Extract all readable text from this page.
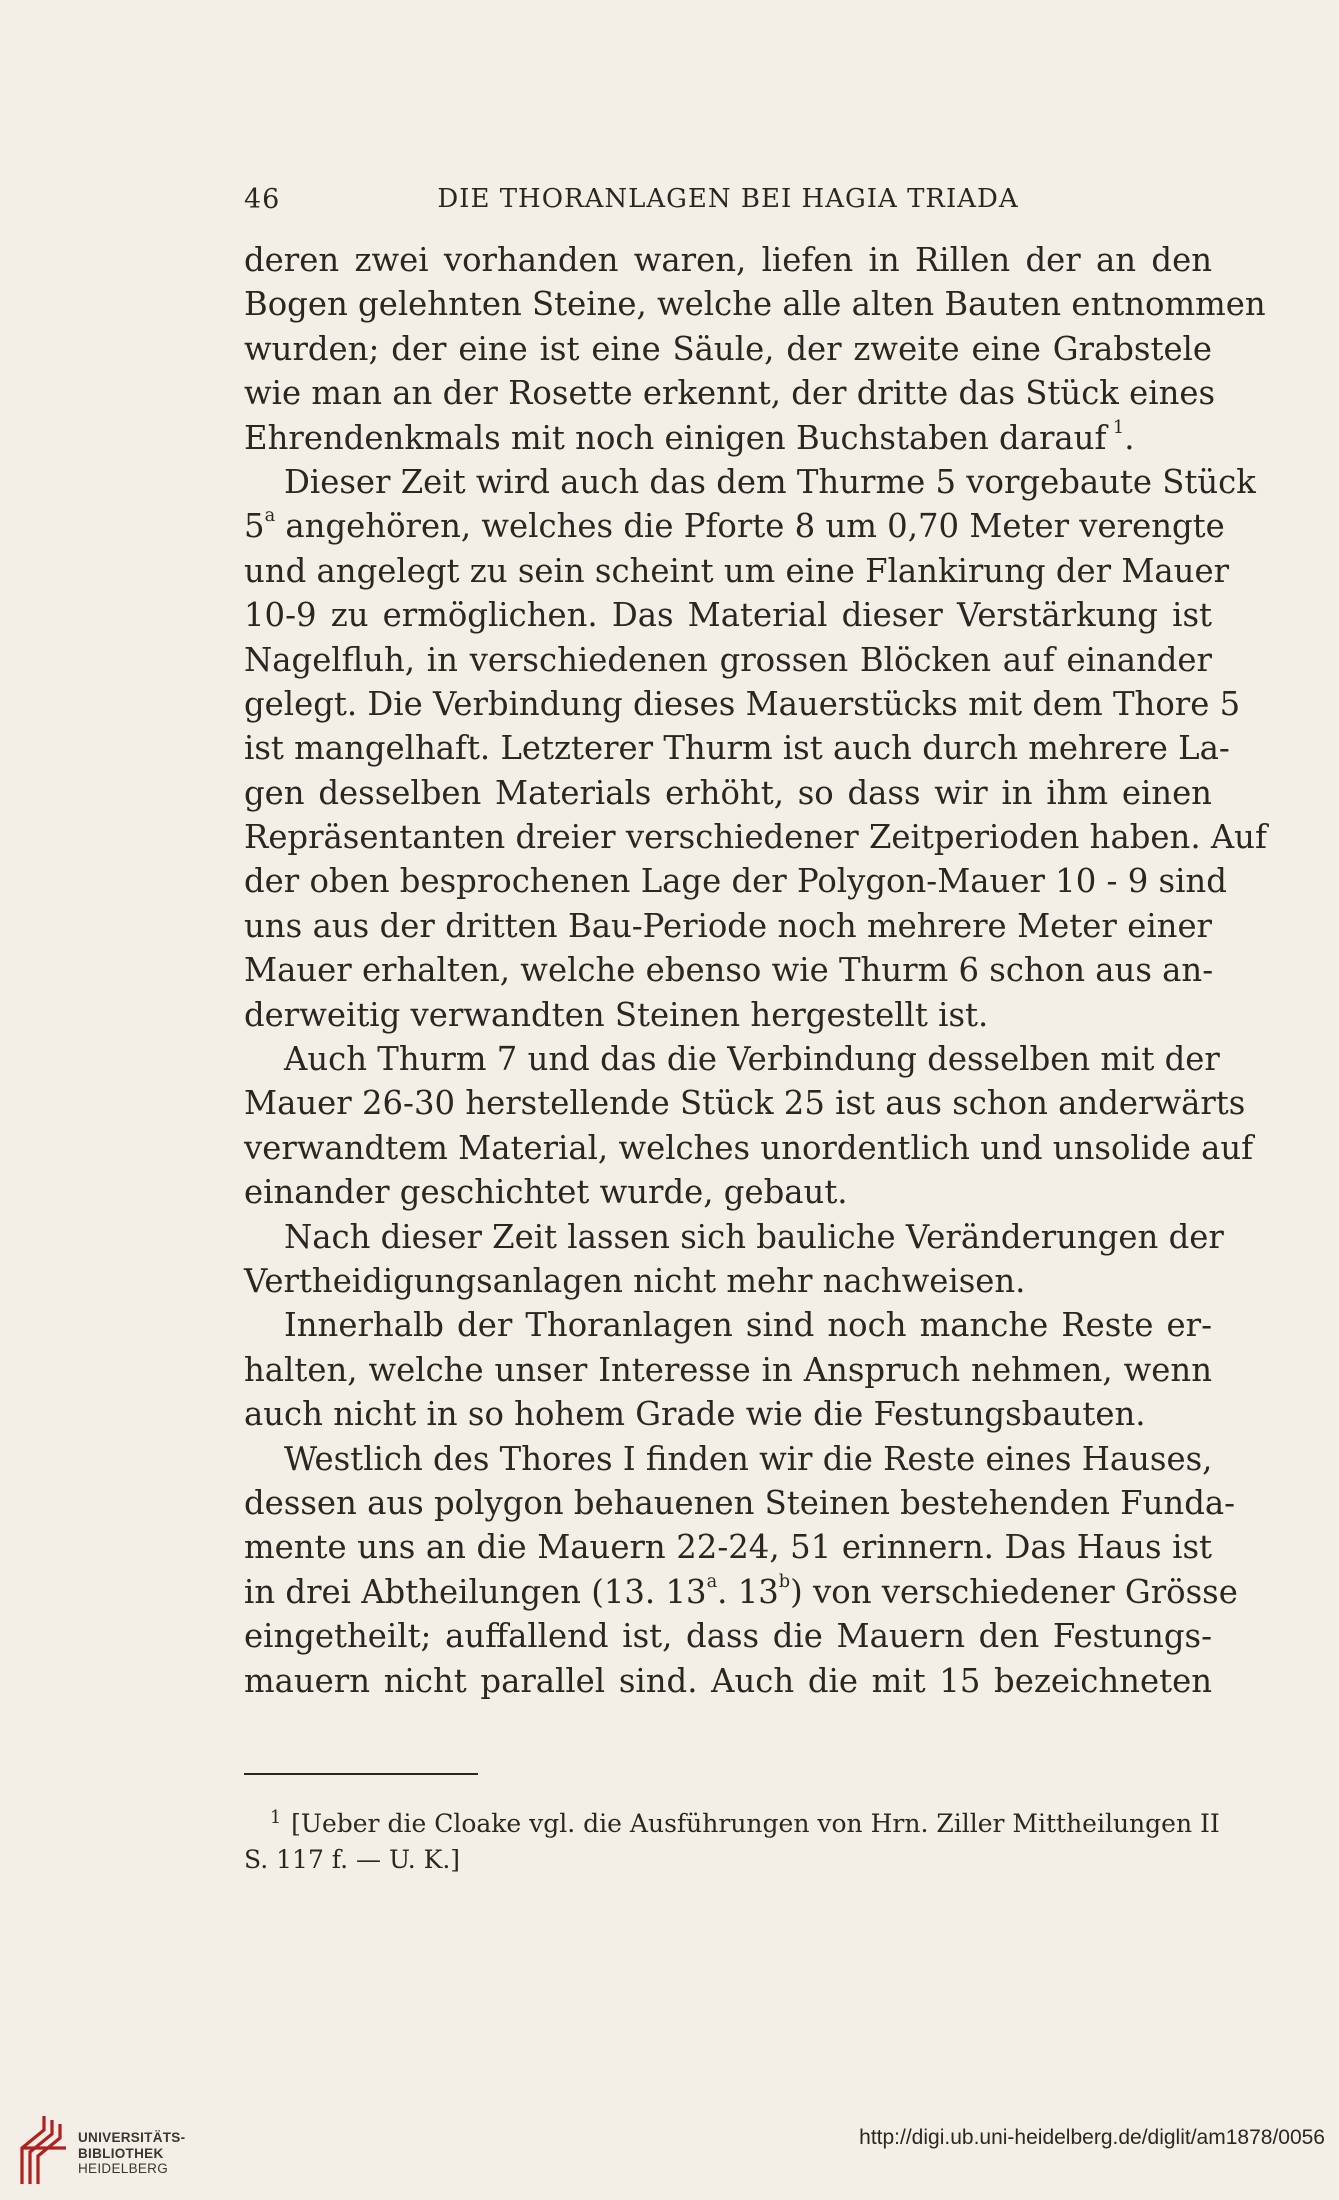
46	DIE THORANLAGEN BEI HAGIA TRIADA
deren zwei vorhanden waren, liefen in Rillen der an den
Bogen gelehnten Steine, welche alle alten Bauten entnommen
wurden; der eine ist eine Säule, der zweite eine Grabstele
wie man an der Rosette erkennt, der dritte das Stück eines
Ehrendenkmals mit noch einigen Buchstaben darauf  $^1$.
Dieser Zeit wird auch das dem Thurme 5 vorgebaute Stück
5$^a$ angehören, welches die Pforte 8 um 0,70 Meter verengte
und angelegt zu sein scheint um eine Flankirung der Mauer
10-9 zu ermöglichen. Das Material dieser Verstärkung ist
Nagelfluh, in verschiedenen grossen Blöcken auf einander
gelegt. Die Verbindung dieses Mauerstücks mit dem Thore 5
ist mangelhaft. Letzterer Thurm ist auch durch mehrere La-
gen desselben Materials erhöht, so dass wir in ihm einen
Repräsentanten dreier verschiedener Zeitperioden haben. Auf
der oben besprochenen Lage der Polygon-Mauer 10 - 9 sind
uns aus der dritten Bau-Periode noch mehrere Meter einer
Mauer erhalten, welche ebenso wie Thurm 6 schon aus an-
derweitig verwandten Steinen hergestellt ist.
Auch Thurm 7 und das die Verbindung desselben mit der
Mauer 26-30 herstellende Stück 25 ist aus schon anderwärts
verwandtem Material, welches unordentlich und unsolide auf
einander geschichtet wurde, gebaut.
Nach dieser Zeit lassen sich bauliche Veränderungen der
Vertheidigungsanlagen nicht mehr nachweisen.
Innerhalb der Thoranlagen sind noch manche Reste er-
halten, welche unser Interesse in Anspruch nehmen, wenn
auch nicht in so hohem Grade wie die Festungsbauten.
Westlich des Thores I finden wir die Reste eines Hauses,
dessen aus polygon behauenen Steinen bestehenden Funda-
mente uns an die Mauern 22-24, 51 erinnern. Das Haus ist
in drei Abtheilungen (13. 13$^a$. 13$^b$) von verschiedener Grösse
eingetheilt; auffallend ist, dass die Mauern den Festungs-
mauern nicht parallel sind. Auch die mit 15 bezeichneten
$^1$ [Ueber die Cloake vgl. die Ausführungen von Hrn. Ziller Mittheilungen II
S. 117 f. — U. K.]
UNIVERSITÄTS-
BIBLIOTHEK
HEIDELBERG
http://digi.ub.uni-heidelberg.de/diglit/am1878/0056
